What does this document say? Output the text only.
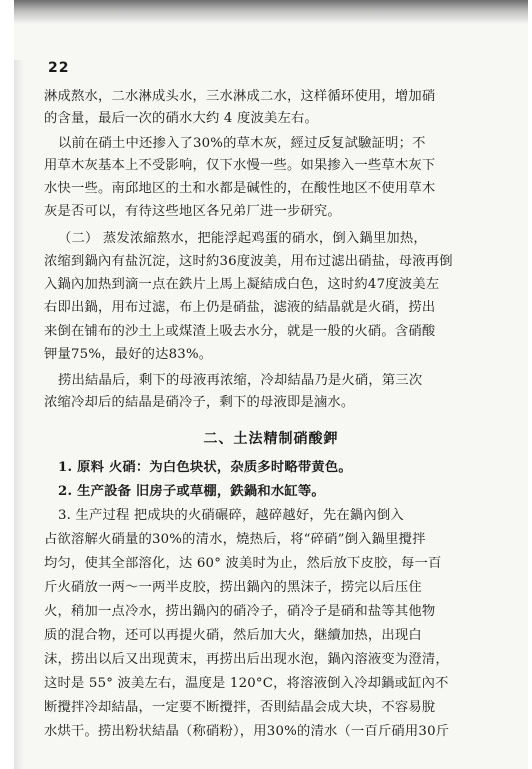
22
淋成熬水，二水淋成头水，三水淋成二水，这样循环使用，增加硝
的含量，最后一次的硝水大约 4 度波美左右。
以前在硝土中还掺入了30%的草木灰，經过反复試驗証明；不
用草木灰基本上不受影响，仅下水慢一些。如果掺入一些草木灰下
水快一些。南邱地区的土和水都是碱性的，在酸性地区不使用草木
灰是否可以，有待这些地区各兄弟厂进一步研究。
（二） 蒸发浓縮熬水，把能浮起鸡蛋的硝水，倒入鍋里加热，
浓缩到鍋內有盐沉淀，这时約36度波美，用布过滤出硝盐，母液再倒
入鍋內加热到滴一点在鉄片上馬上凝結成白色，这时約47度波美左
右即出鍋，用布过滤，布上仍是硝盐，滤液的結晶就是火硝，捞出
来倒在铺布的沙土上或煤渣上吸去水分，就是一般的火硝。含硝酸
钾量75%，最好的达83%。
捞出結晶后，剩下的母液再浓缩，冷却結晶乃是火硝，第三次
浓缩冷却后的結晶是硝冷子，剩下的母液即是滷水。
二、土法精制硝酸鉀
1. 原料 火硝：为白色块状，杂质多时略带黄色。
2. 生产設备 旧房子或草棚，鉄鍋和水缸等。
3. 生产过程 把成块的火硝碾碎，越碎越好，先在鍋內倒入
占欲溶解火硝量的30%的清水，燒热后，将“碎硝”倒入鍋里攪拌
均匀，使其全部溶化，达 60° 波美时为止，然后放下皮胶，每一百
斤火硝放一两～一两半皮胶，捞出鍋內的黑沫子，捞完以后压住
火，稍加一点冷水，捞出鍋內的硝冷子，硝冷子是硝和盐等其他物
质的混合物，还可以再提火硝，然后加大火，継續加热，出现白
沫，捞出以后又出现黄末，再捞出后出现水泡，鍋內溶液变为澄清，
这时是 55° 波美左右，温度是 120°C，将溶液倒入冷却鍋或缸內不
断攪拌冷却結晶，一定要不断攪拌，否則結晶会成大块，不容易脫
水烘干。捞出粉状結晶（称硝粉），用30%的清水（一百斤硝用30斤
